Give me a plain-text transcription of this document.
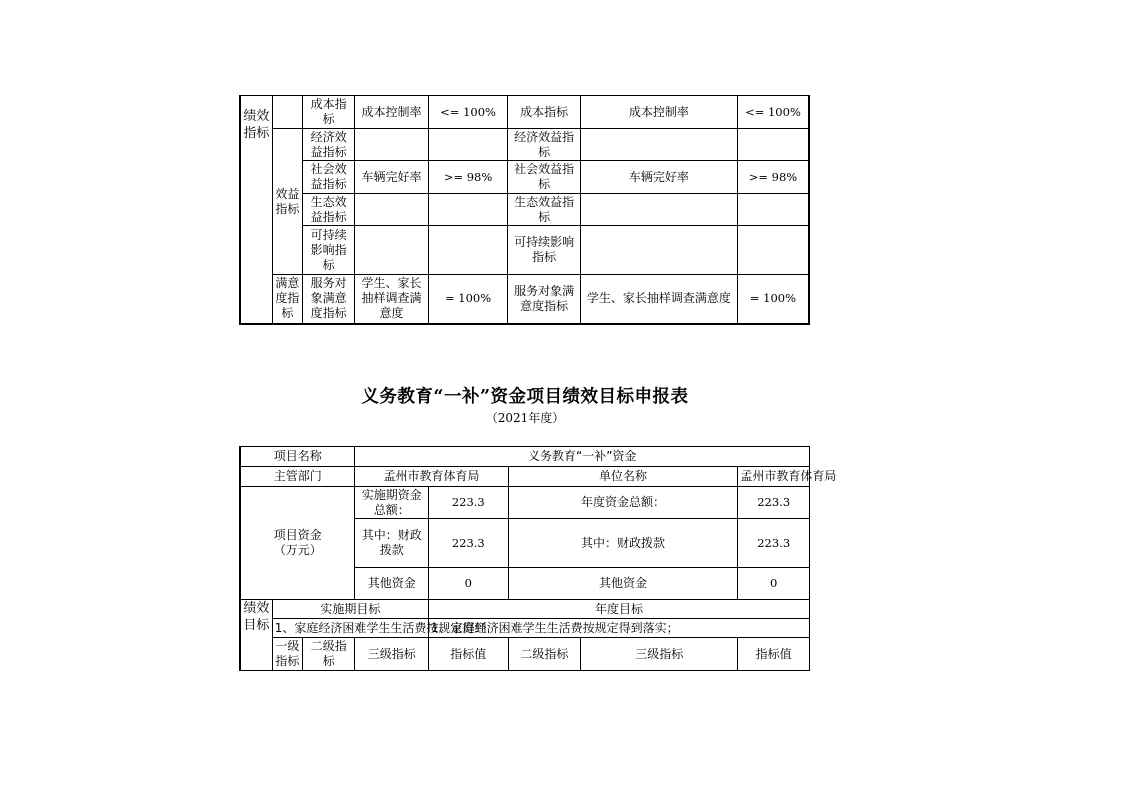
绩效指标		成本指标	成本控制率	<= 100%	成本指标	成本控制率	<= 100%
	效益指标	经济效益指标			经济效益指标		
		社会效益指标	车辆完好率	>= 98%	社会效益指标	车辆完好率	>= 98%
		生态效益指标			生态效益指标		
		可持续影响指标			可持续影响指标		
	满意度指标	服务对象满意度指标	学生、家长抽样调查满意度	= 100%	服务对象满意度指标	学生、家长抽样调查满意度	= 100%
义务教育“一补”资金项目绩效目标申报表
（2021年度）
项目名称			义务教育“一补”资金				
主管部门			孟州市教育体育局		单位名称		孟州市教育体育局
项目资金
（万元）			实施期资金总额：	223.3	年度资金总额：		223.3
			其中：财政拨款	223.3	其中：财政拨款		223.3
			其他资金	0	其他资金		0
绩效目标	实施期目标			年度目标			
	1、家庭经济困难学生生活费按规定得到			1、家庭经济困难学生生活费按规定得到落实；			
	一级指标	二级指标	三级指标	指标值	二级指标	三级指标	指标值
